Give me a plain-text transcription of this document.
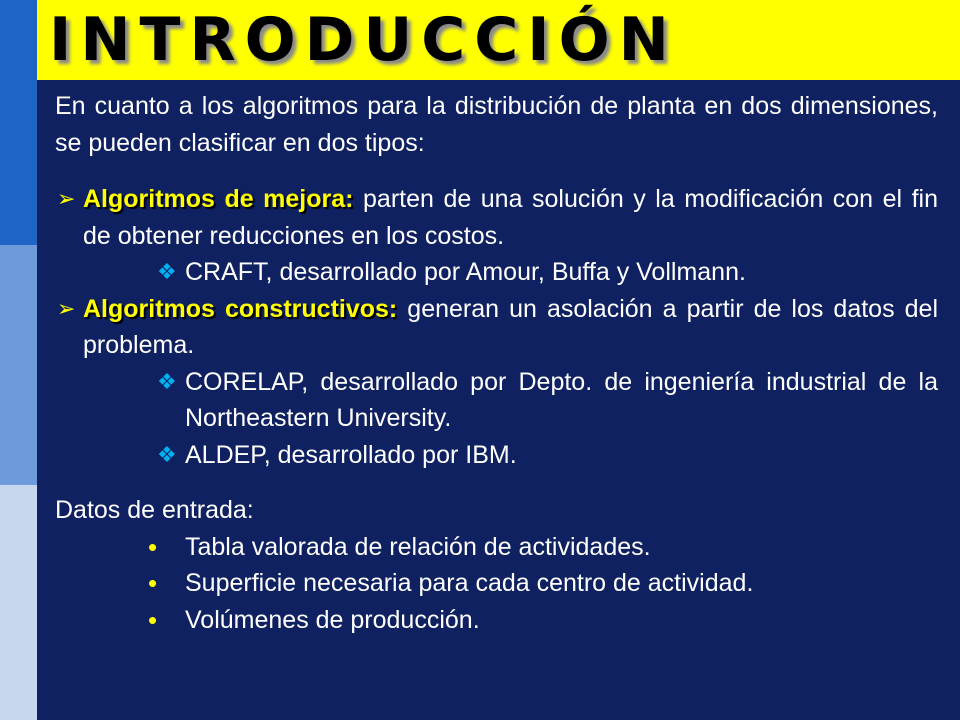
INTRODUCCIÓN

En cuanto a los algoritmos para la distribución de planta en dos dimensiones, se pueden clasificar en dos tipos:

➢ Algoritmos de mejora: parten de una solución y la modificación con el fin de obtener reducciones en los costos.
❖ CRAFT, desarrollado por Amour, Buffa y Vollmann.
➢ Algoritmos constructivos: generan un asolación a partir de los datos del problema.
❖ CORELAP, desarrollado por Depto. de ingeniería industrial de la Northeastern University.
❖ ALDEP, desarrollado por IBM.

Datos de entrada:

• Tabla valorada de relación de actividades.
• Superficie necesaria para cada centro de actividad.
• Volúmenes de producción.
